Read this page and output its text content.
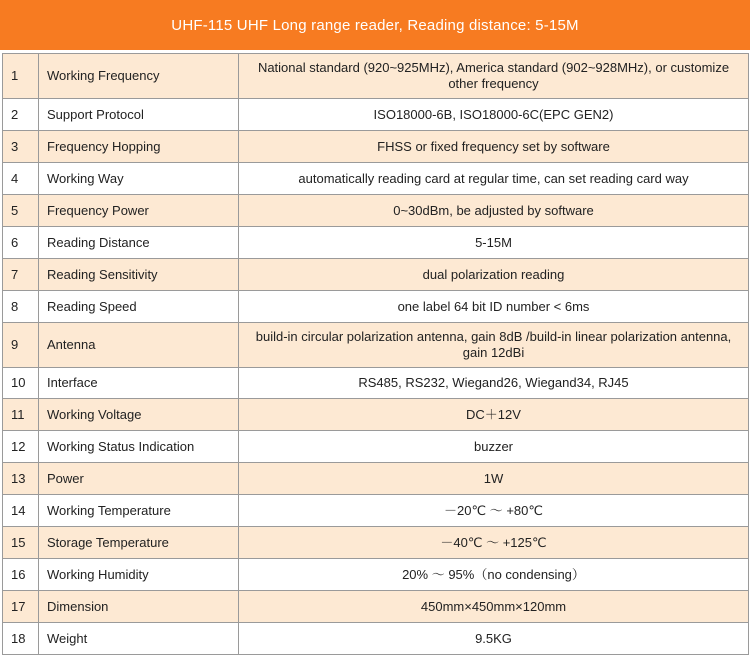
UHF-115 UHF Long range reader, Reading distance: 5-15M
1	Working Frequency	National standard (920~925MHz), America standard (902~928MHz), or customize other frequency
2	Support Protocol	ISO18000-6B, ISO18000-6C(EPC GEN2)
3	Frequency Hopping	FHSS or fixed frequency set by software
4	Working Way	automatically reading card at regular time, can set reading card way
5	Frequency Power	0~30dBm, be adjusted by software
6	Reading Distance	5-15M
7	Reading Sensitivity	dual polarization reading
8	Reading Speed	one label 64 bit ID number < 6ms
9	Antenna	build-in circular polarization antenna, gain 8dB /build-in linear polarization antenna, gain 12dBi
10	Interface	RS485, RS232, Wiegand26, Wiegand34, RJ45
11	Working Voltage	DC＋12V
12	Working Status Indication	buzzer
13	Power	1W
14	Working Temperature	－20℃ ～ +80℃
15	Storage Temperature	－40℃ ～ +125℃
16	Working Humidity	20% ～ 95%（no condensing）
17	Dimension	450mm×450mm×120mm
18	Weight	9.5KG
